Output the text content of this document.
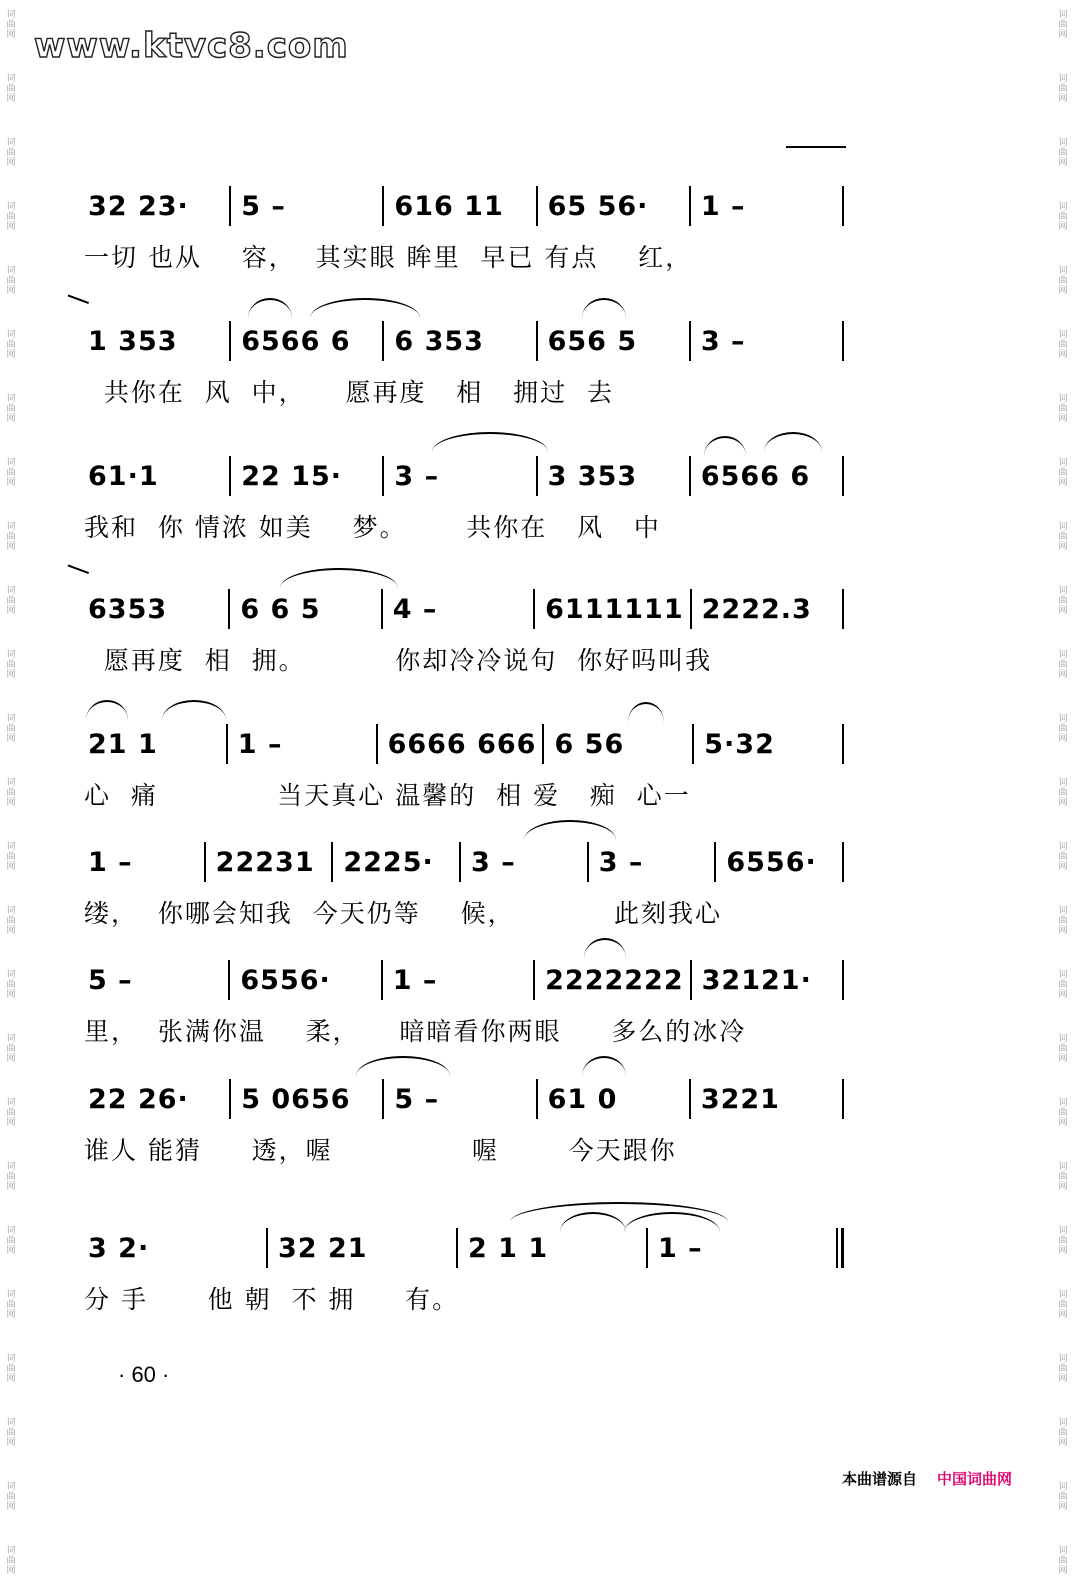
词
曲
网
词
曲
网
词
曲
网
词
曲
网
词
曲
网
词
曲
网
词
曲
网
词
曲
网
词
曲
网
词
曲
网
词
曲
网
词
曲
网
词
曲
网
词
曲
网
词
曲
网
词
曲
网
词
曲
网
词
曲
网
词
曲
网
词
曲
网
词
曲
网
词
曲
网
词
曲
网
词
曲
网
词
曲
网
词
曲
网
词
曲
网
词
曲
网
词
曲
网
词
曲
网
词
曲
网
词
曲
网
词
曲
网
词
曲
网
词
曲
网
词
曲
网
词
曲
网
词
曲
网
词
曲
网
词
曲
网
词
曲
网
词
曲
网
词
曲
网
词
曲
网
词
曲
网
词
曲
网
词
曲
网
词
曲
网
词
曲
网
词
曲
网
www.ktvc8.com
32 23·	5 –	616 11	65 56·	1 –
一切 也从    容，  其实眼 眸里  早已 有点    红，
1 353	6566 6	6 353	656 5	3 –
共你在  风  中，    愿再度   相   拥过  去
61·1	22 15·	3 –	3 353	6566 6
我和  你 情浓 如美    梦。      共你在   风   中
6353	6 6 5	4 –	6111111 2222.3
愿再度  相  拥。         你却冷冷说句  你好吗叫我
21 1	1 –	6666 666 6 56	5·32
心  痛            当天真心 温馨的  相 爱   痴  心一
1 –	22231	2225·	3 –	3 –	6556·
缕，  你哪会知我  今天仍等    候，          此刻我心
5 –	6556·	1 –	2222222 32121·
里，  张满你温    柔，    暗暗看你两眼     多么的冰冷
22 26·	5 0656	5 –	61 0	3221
谁人 能猜     透，喔              喔       今天跟你
3 2·	32 21	2 1 1	1 –
分 手      他 朝  不 拥     有。
· 60 ·
本曲谱源自 中国词曲网
